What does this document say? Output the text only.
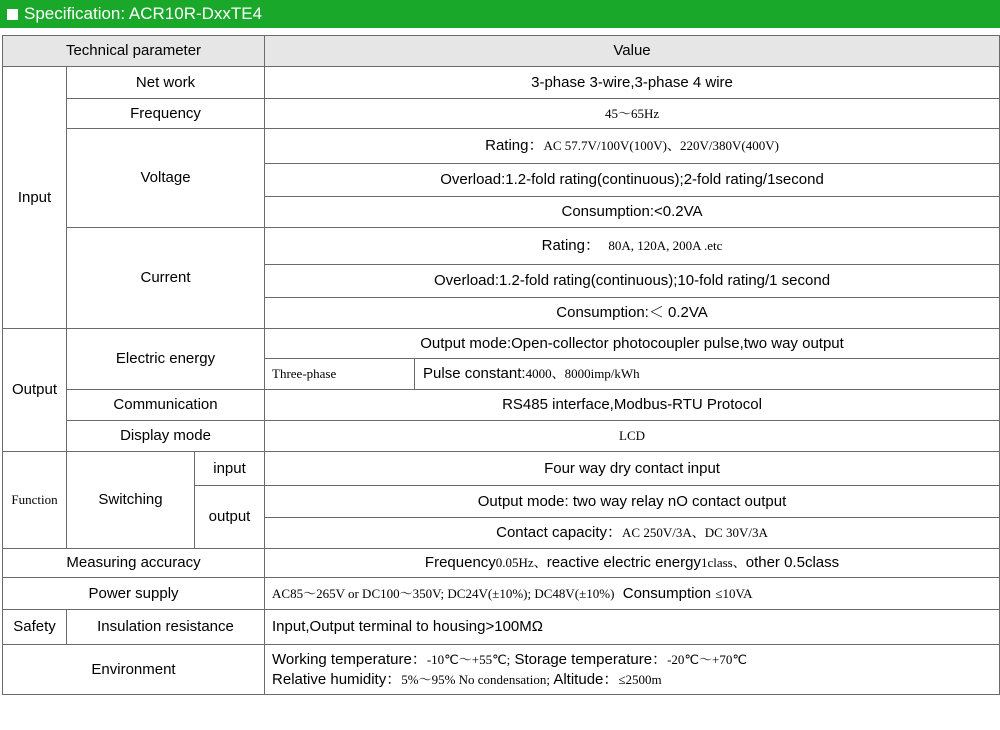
Specification: ACR10R-DxxTE4
Technical parameter			Value	
Input	Net work		3-phase 3-wire,3-phase 4 wire	
	Frequency		45～65Hz	
	Voltage		Rating：AC 57.7V/100V(100V)、220V/380V(400V)	
			Overload:1.2-fold rating(continuous);2-fold rating/1second	
			Consumption:<0.2VA	
	Current		Rating： 80A, 120A, 200A .etc	
			Overload:1.2-fold rating(continuous);10-fold rating/1 second	
			Consumption:＜ 0.2VA	
Output	Electric energy		Output mode:Open-collector photocoupler pulse,two way output	
			Three-phase	Pulse constant:4000、8000imp/kWh
	Communication		RS485 interface,Modbus-RTU Protocol	
	Display mode		LCD	
Function	Switching	input	Four way dry contact input	
		output	Output mode: two way relay nO contact output	
			Contact capacity：AC 250V/3A、DC 30V/3A	
Measuring accuracy			Frequency0.05Hz、reactive electric energy1class、other 0.5class	
Power supply			AC85～265V or DC100～350V; DC24V(±10%); DC48V(±10%) Consumption ≤10VA	
Safety	Insulation resistance		Input,Output terminal to housing>100MΩ	
Environment			Working temperature：-10℃～+55℃; Storage temperature：-20℃～+70℃
Relative humidity：5%～95% No condensation; Altitude：≤2500m	
